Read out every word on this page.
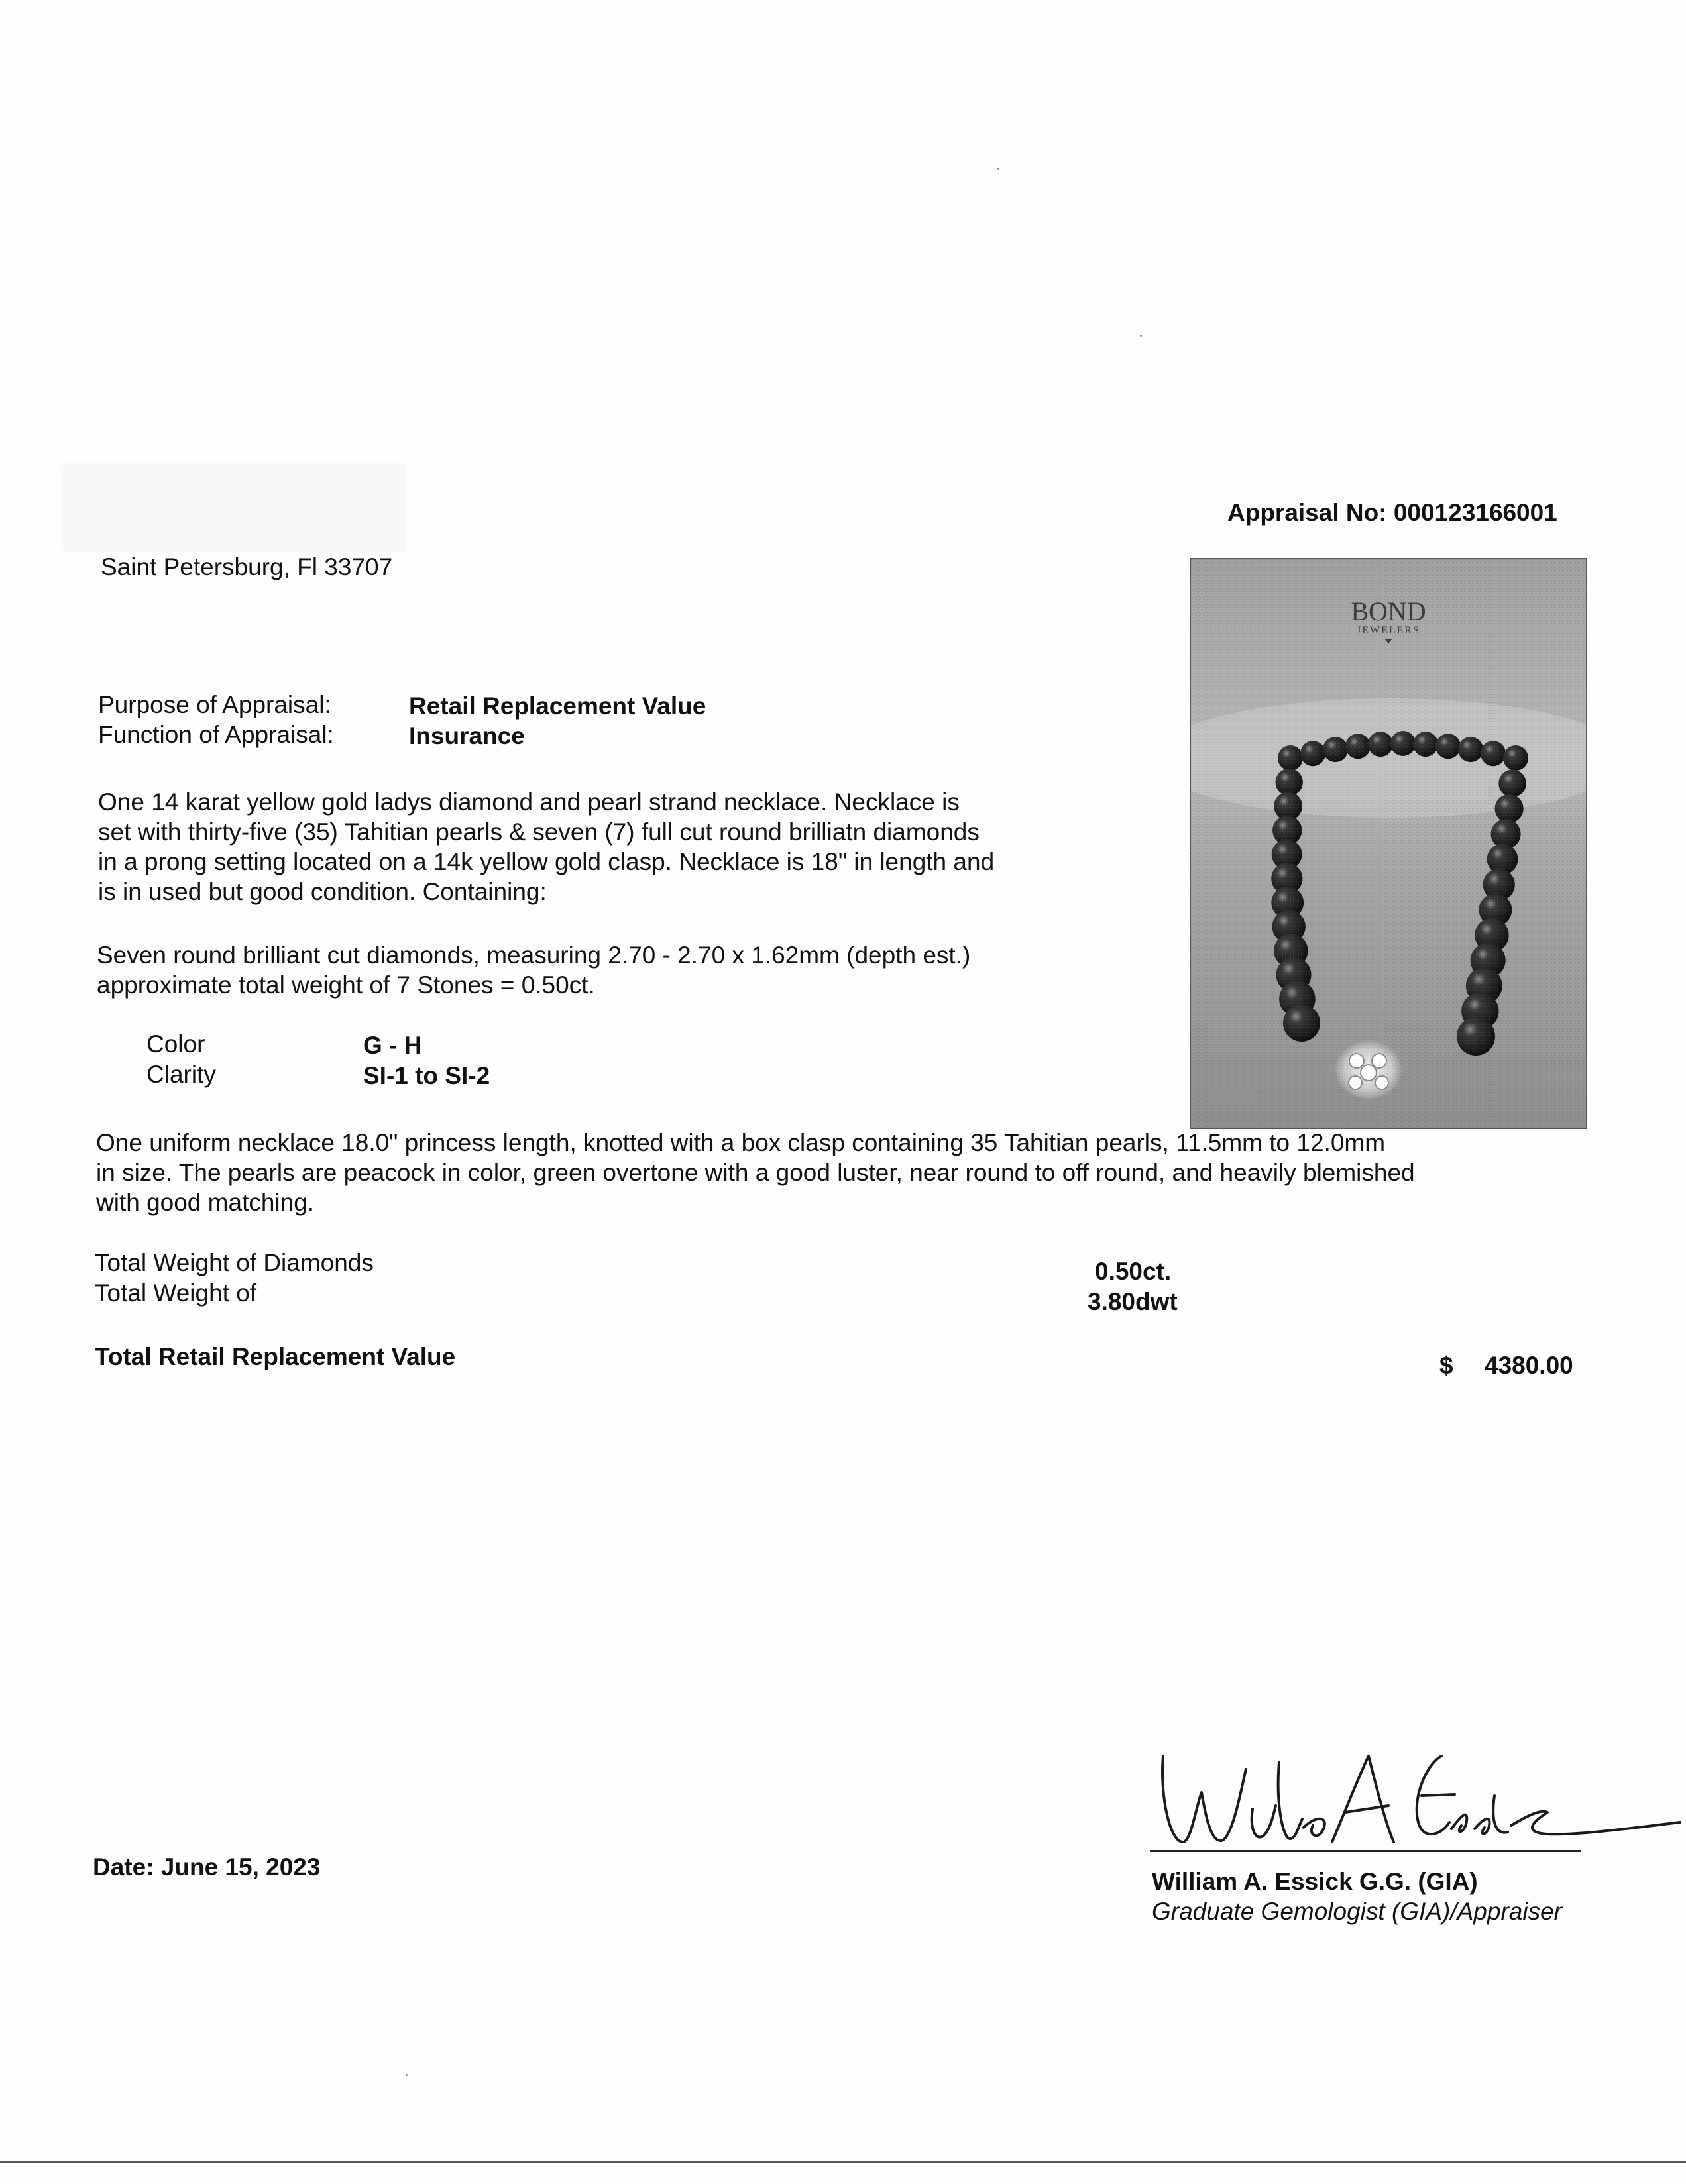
Appraisal No: 000123166001
Saint Petersburg, Fl 33707
Purpose of Appraisal:	Retail Replacement Value
Function of Appraisal:	Insurance
One 14 karat yellow gold ladys diamond and pearl strand necklace. Necklace is
set with thirty-five (35) Tahitian pearls & seven (7) full cut round brilliatn diamonds
in a prong setting located on a 14k yellow gold clasp. Necklace is 18" in length and
is in used but good condition. Containing:
Seven round brilliant cut diamonds, measuring 2.70 - 2.70 x 1.62mm (depth est.)
approximate total weight of 7 Stones = 0.50ct.
Color	G - H
Clarity	SI-1 to SI-2
One uniform necklace 18.0" princess length, knotted with a box clasp containing 35 Tahitian pearls, 11.5mm to 12.0mm
in size. The pearls are peacock in color, green overtone with a good luster, near round to off round, and heavily blemished
with good matching.
Total Weight of Diamonds	0.50ct.
Total Weight of	3.80dwt
Total Retail Replacement Value	$ 4380.00
Date: June 15, 2023
William A. Essick G.G. (GIA)
Graduate Gemologist (GIA)/Appraiser
